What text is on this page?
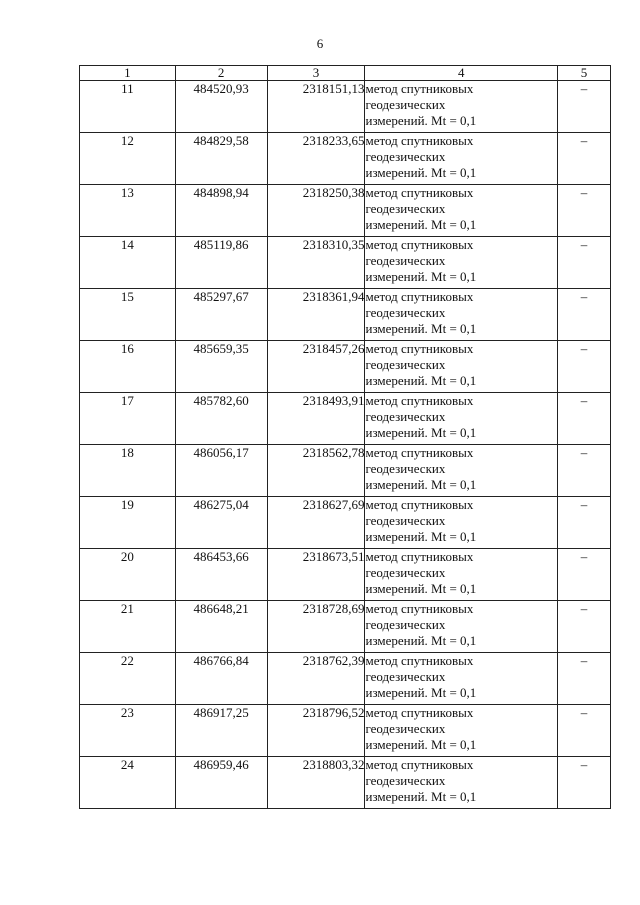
6
1	2	3	4	5
11	484520,93	2318151,13	метод спутниковых
геодезических
измерений. Mt = 0,1	–
12	484829,58	2318233,65	метод спутниковых
геодезических
измерений. Mt = 0,1	–
13	484898,94	2318250,38	метод спутниковых
геодезических
измерений. Mt = 0,1	–
14	485119,86	2318310,35	метод спутниковых
геодезических
измерений. Mt = 0,1	–
15	485297,67	2318361,94	метод спутниковых
геодезических
измерений. Mt = 0,1	–
16	485659,35	2318457,26	метод спутниковых
геодезических
измерений. Mt = 0,1	–
17	485782,60	2318493,91	метод спутниковых
геодезических
измерений. Mt = 0,1	–
18	486056,17	2318562,78	метод спутниковых
геодезических
измерений. Mt = 0,1	–
19	486275,04	2318627,69	метод спутниковых
геодезических
измерений. Mt = 0,1	–
20	486453,66	2318673,51	метод спутниковых
геодезических
измерений. Mt = 0,1	–
21	486648,21	2318728,69	метод спутниковых
геодезических
измерений. Mt = 0,1	–
22	486766,84	2318762,39	метод спутниковых
геодезических
измерений. Mt = 0,1	–
23	486917,25	2318796,52	метод спутниковых
геодезических
измерений. Mt = 0,1	–
24	486959,46	2318803,32	метод спутниковых
геодезических
измерений. Mt = 0,1	–
